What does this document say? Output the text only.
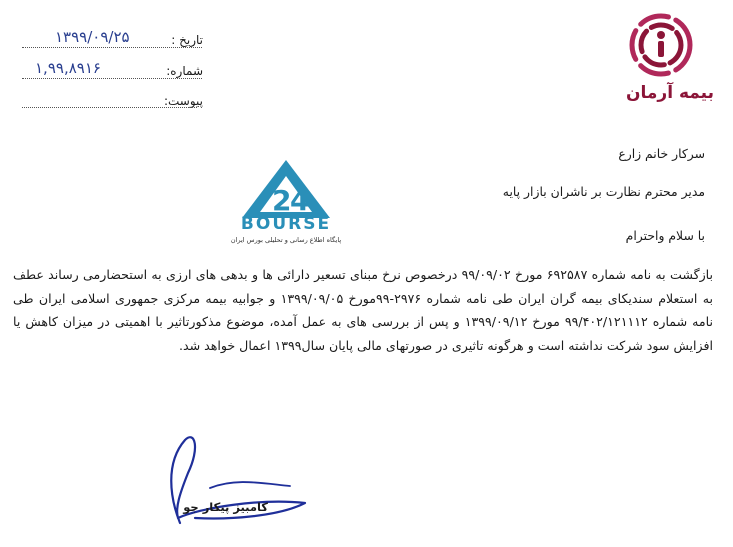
تاریخ :
۱۳۹۹/۰۹/۲۵
شماره:
۱,۹۹,۸۹۱۶
پیوست:	بیمه آرمان
سرکار خانم زارع
مدیر محترم نظارت بر ناشران بازار پایه
با سلام واحترام
2
4
BOURSE
پایگاه اطلاع رسانی و تحلیلی بورس ایران
بازگشت به نامه شماره ۶۹۲۵۸۷ مورخ ۹۹/۰۹/۰۲ درخصوص نرخ مبنای تسعیر دارائی ها و بدهی های ارزی به استحضارمی رساند عطف به استعلام سندیکای بیمه گران ایران طی نامه شماره ۲۹۷۶-۹۹مورخ ۱۳۹۹/۰۹/۰۵ و جوابیه بیمه مرکزی جمهوری اسلامی ایران طی نامه شماره ۹۹/۴۰۲/۱۲۱۱۱۲ مورخ ۱۳۹۹/۰۹/۱۲ و پس از بررسی های به عمل آمده، موضوع مذکورتاثیر با اهمیتی در میزان کاهش یا افزایش سود شرکت نداشته است و هرگونه تاثیری در صورتهای مالی پایان سال۱۳۹۹ اعمال خواهد شد.
کامبیز پیکار جو
